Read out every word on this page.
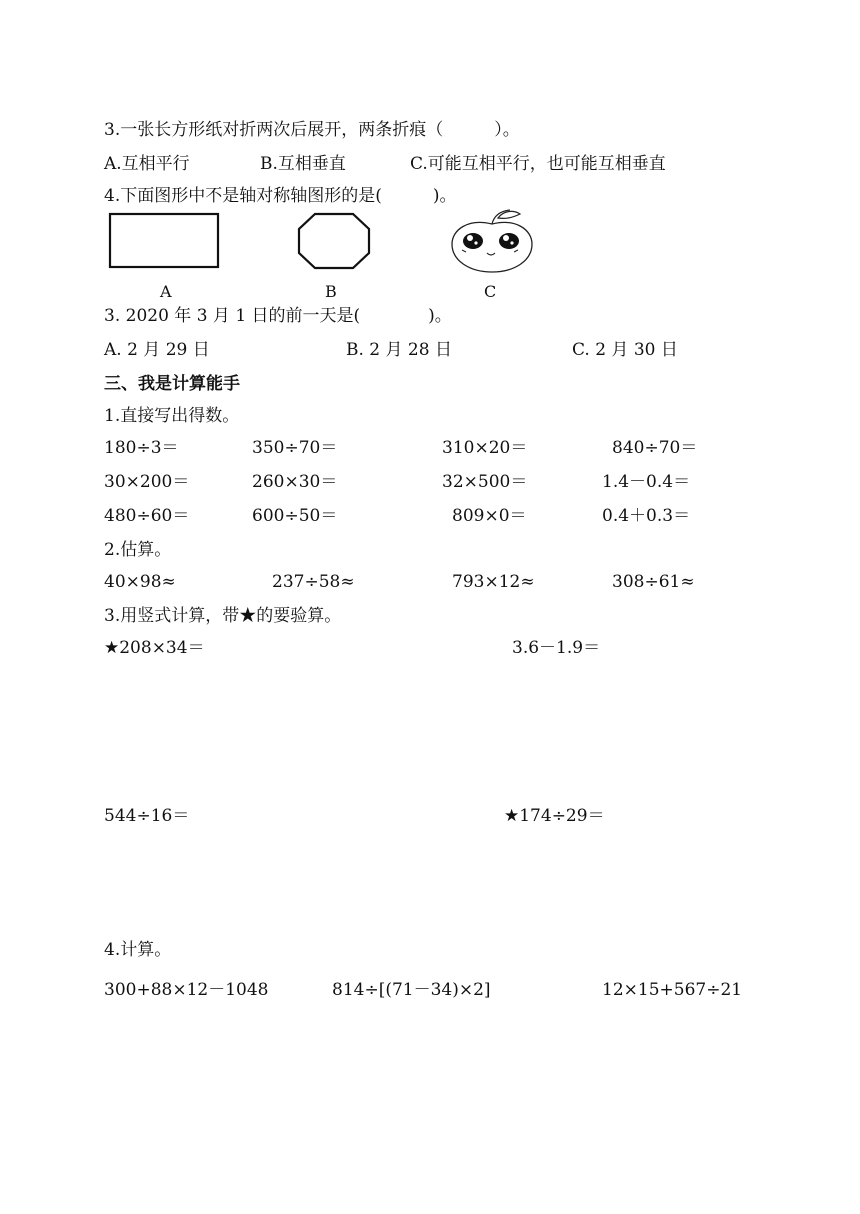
3.一张长方形纸对折两次后展开，两条折痕（　　　）。
A.互相平行	B.互相垂直	C.可能互相平行，也可能互相垂直
4.下面图形中不是轴对称轴图形的是(　　　)。
A	B	C
3. 2020 年 3 月 1 日的前一天是(　　　　)。
A. 2 月 29 日	B. 2 月 28 日	C. 2 月 30 日
三、我是计算能手
1.直接写出得数。
180÷3＝	350÷70＝	310×20＝	840÷70＝
30×200＝	260×30＝	32×500＝	1.4－0.4＝
480÷60＝	600÷50＝	809×0＝	0.4＋0.3＝
2.估算。
40×98≈	237÷58≈	793×12≈	308÷61≈
3.用竖式计算，带★的要验算。
★208×34＝	3.6－1.9＝
544÷16＝	★174÷29＝
4.计算。
300+88×12－1048	814÷[(71－34)×2]	12×15+567÷21
